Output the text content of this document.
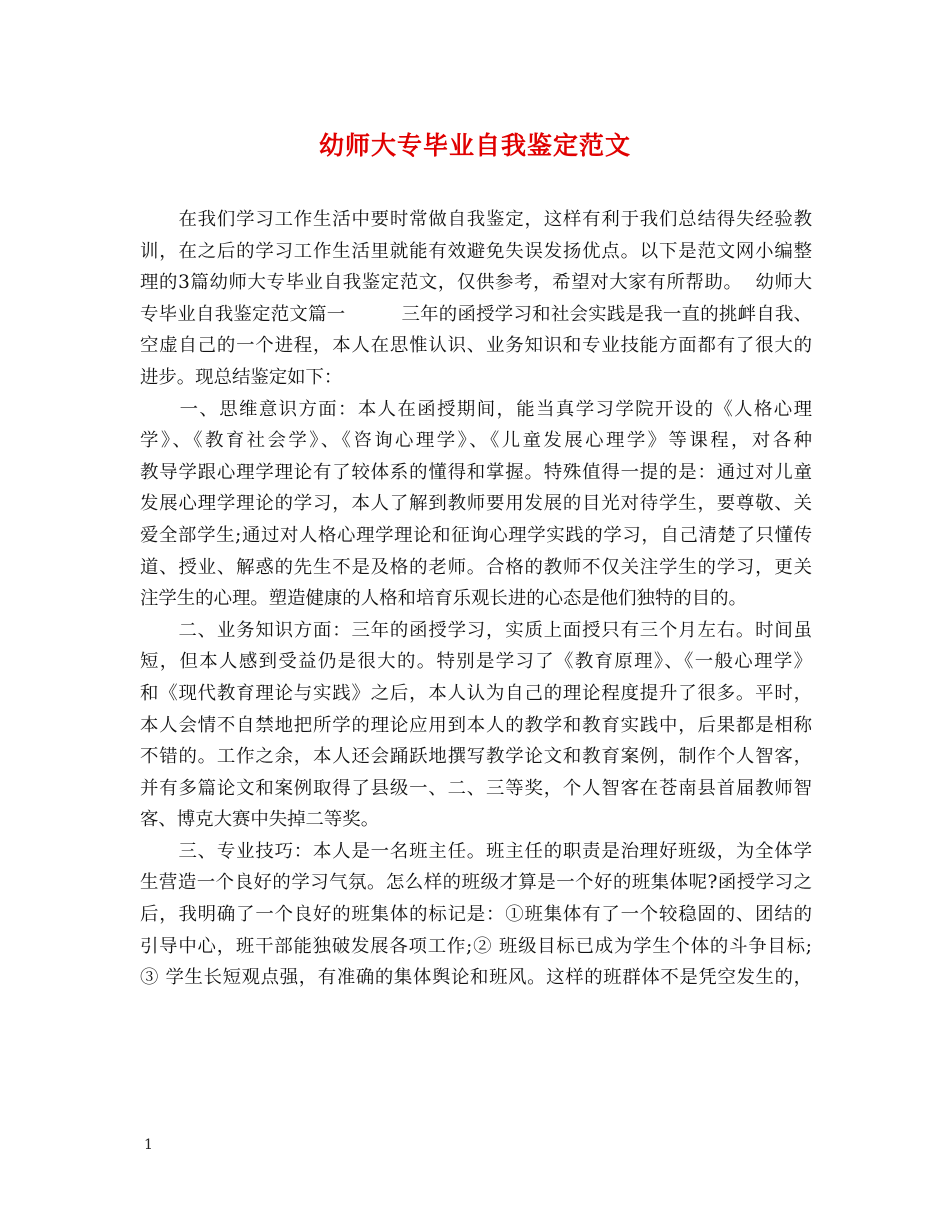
幼师大专毕业自我鉴定范文
　　在我们学习工作生活中要时常做自我鉴定，这样有利于我们总结得失经验教
训，在之后的学习工作生活里就能有效避免失误发扬优点。以下是范文网小编整
理的3篇幼师大专毕业自我鉴定范文，仅供参考，希望对大家有所帮助。  幼师大
专毕业自我鉴定范文篇一　　　三年的函授学习和社会实践是我一直的挑衅自我、
空虚自己的一个进程，本人在思惟认识、业务知识和专业技能方面都有了很大的
进步。现总结鉴定如下：
　　一、思维意识方面：本人在函授期间，能当真学习学院开设的《人格心理
学》、《教育社会学》、《咨询心理学》、《儿童发展心理学》等课程，对各种
教导学跟心理学理论有了较体系的懂得和掌握。特殊值得一提的是：通过对儿童
发展心理学理论的学习，本人了解到教师要用发展的目光对待学生，要尊敬、关
爱全部学生;通过对人格心理学理论和征询心理学实践的学习，自己清楚了只懂传
道、授业、解惑的先生不是及格的老师。合格的教师不仅关注学生的学习，更关
注学生的心理。塑造健康的人格和培育乐观长进的心态是他们独特的目的。
　　二、业务知识方面：三年的函授学习，实质上面授只有三个月左右。时间虽
短，但本人感到受益仍是很大的。特别是学习了《教育原理》、《一般心理学》
和《现代教育理论与实践》之后，本人认为自己的理论程度提升了很多。平时，
本人会情不自禁地把所学的理论应用到本人的教学和教育实践中，后果都是相称
不错的。工作之余，本人还会踊跃地撰写教学论文和教育案例，制作个人智客，
并有多篇论文和案例取得了县级一、二、三等奖，个人智客在苍南县首届教师智
客、博克大赛中失掉二等奖。
　　三、专业技巧：本人是一名班主任。班主任的职责是治理好班级，为全体学
生营造一个良好的学习气氛。怎么样的班级才算是一个好的班集体呢?函授学习之
后，我明确了一个良好的班集体的标记是：①班集体有了一个较稳固的、团结的
引导中心，班干部能独破发展各项工作;② 班级目标已成为学生个体的斗争目标;
③ 学生长短观点强，有准确的集体舆论和班风。这样的班群体不是凭空发生的，
1
